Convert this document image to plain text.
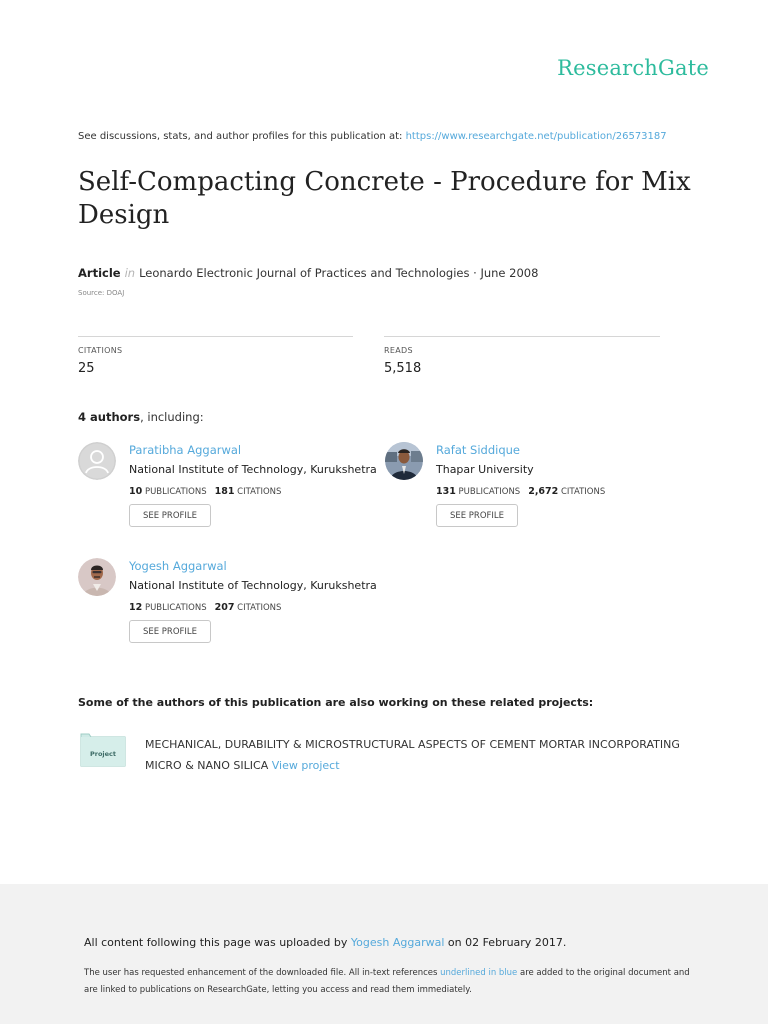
ResearchGate
See discussions, stats, and author profiles for this publication at: https://www.researchgate.net/publication/26573187
Self-Compacting Concrete - Procedure for Mix Design
Article in Leonardo Electronic Journal of Practices and Technologies · June 2008
Source: DOAJ
CITATIONS
25
READS
5,518
4 authors, including:
Paratibha Aggarwal
National Institute of Technology, Kurukshetra
10 PUBLICATIONS 181 CITATIONS
SEE PROFILE
Rafat Siddique
Thapar University
131 PUBLICATIONS 2,672 CITATIONS
SEE PROFILE
Yogesh Aggarwal
National Institute of Technology, Kurukshetra
12 PUBLICATIONS 207 CITATIONS
SEE PROFILE
Some of the authors of this publication are also working on these related projects:
Project
MECHANICAL, DURABILITY & MICROSTRUCTURAL ASPECTS OF CEMENT MORTAR INCORPORATING MICRO & NANO SILICA View project
All content following this page was uploaded by Yogesh Aggarwal on 02 February 2017.
The user has requested enhancement of the downloaded file. All in-text references underlined in blue are added to the original document and are linked to publications on ResearchGate, letting you access and read them immediately.
